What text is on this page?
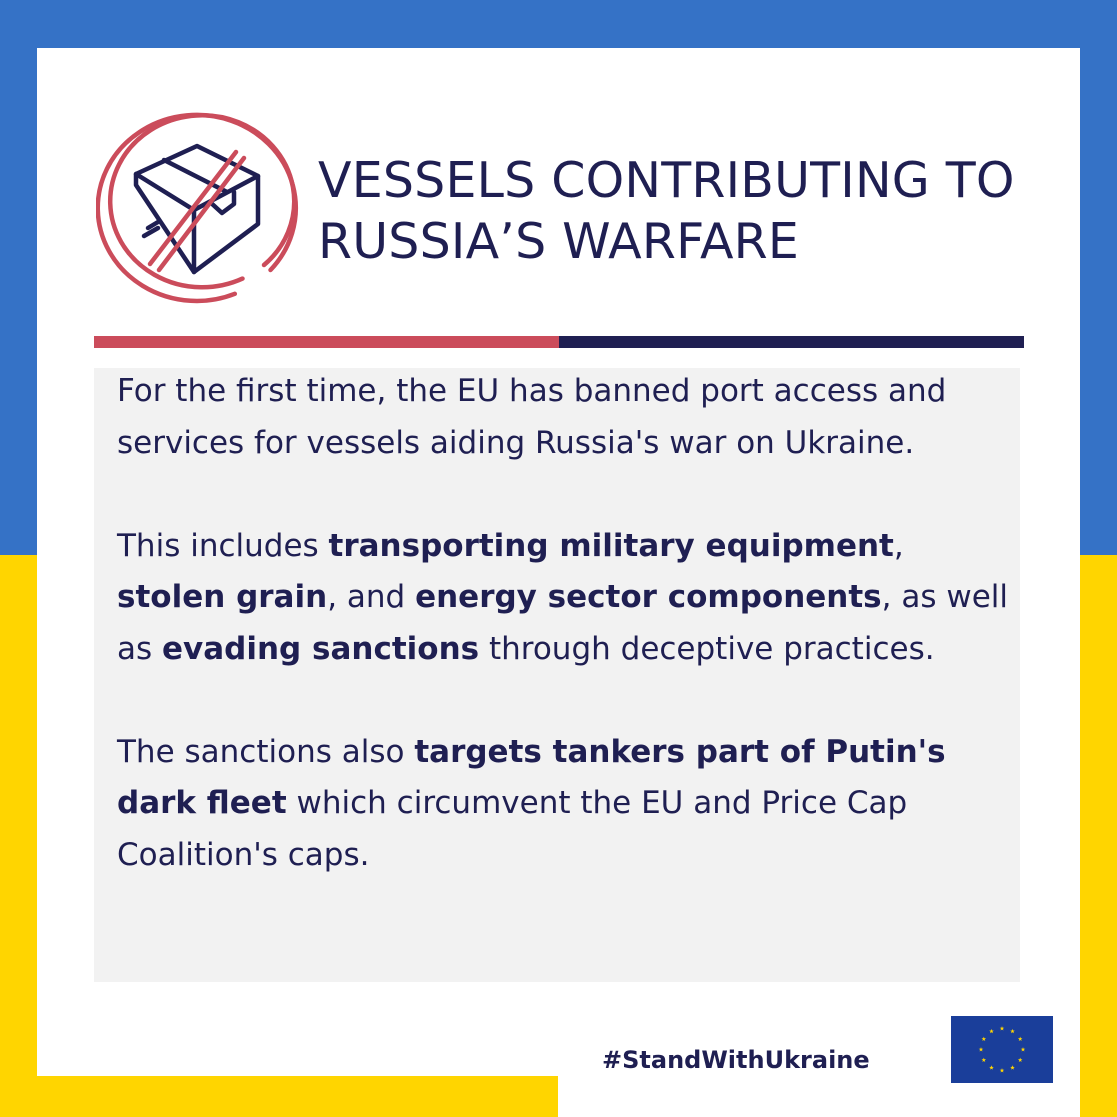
VESSELS CONTRIBUTING TO
RUSSIA’S WARFARE

For the first time, the EU has banned port access and services for vessels aiding Russia's war on Ukraine.

This includes transporting military equipment, stolen grain, and energy sector components, as well as evading sanctions through deceptive practices.

The sanctions also targets tankers part of Putin's dark fleet which circumvent the EU and Price Cap Coalition's caps.

#StandWithUkraine
